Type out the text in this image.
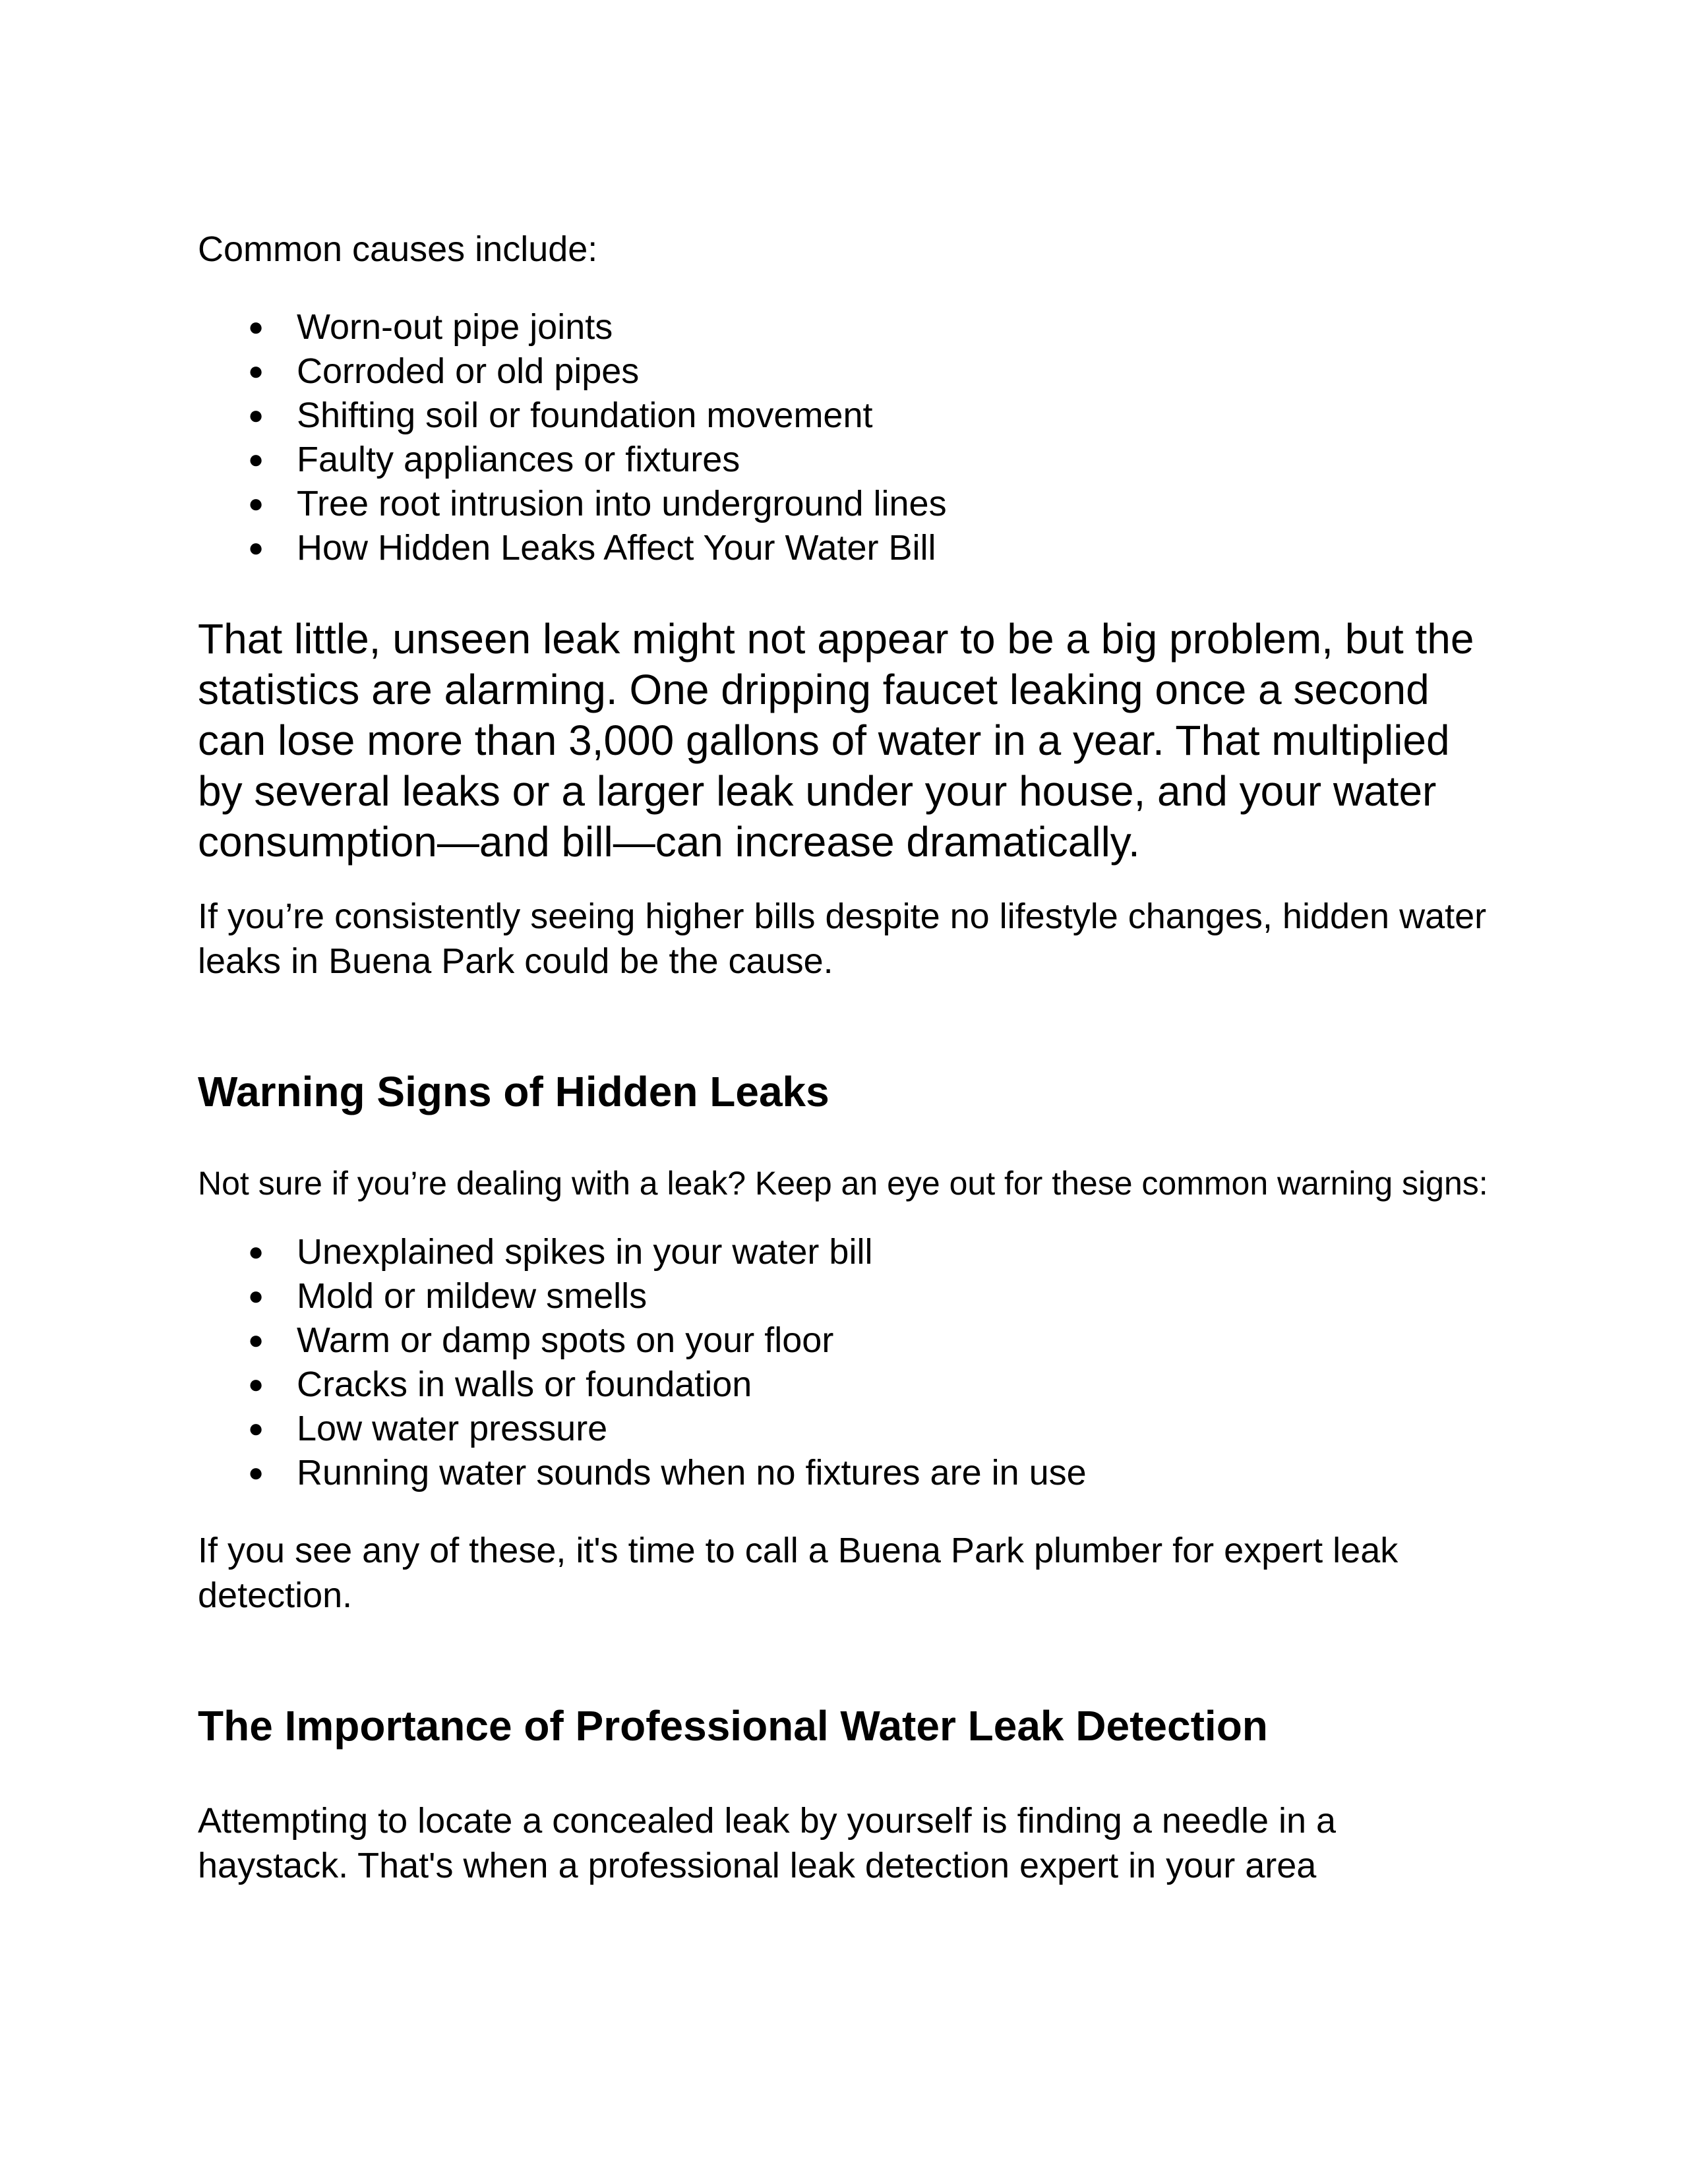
Common causes include:

● Worn-out pipe joints
● Corroded or old pipes
● Shifting soil or foundation movement
● Faulty appliances or fixtures
● Tree root intrusion into underground lines
● How Hidden Leaks Affect Your Water Bill

That little, unseen leak might not appear to be a big problem, but the statistics are alarming. One dripping faucet leaking once a second can lose more than 3,000 gallons of water in a year. That multiplied by several leaks or a larger leak under your house, and your water consumption—and bill—can increase dramatically.

If you’re consistently seeing higher bills despite no lifestyle changes, hidden water leaks in Buena Park could be the cause.

Warning Signs of Hidden Leaks

Not sure if you’re dealing with a leak? Keep an eye out for these common warning signs:

● Unexplained spikes in your water bill
● Mold or mildew smells
● Warm or damp spots on your floor
● Cracks in walls or foundation
● Low water pressure
● Running water sounds when no fixtures are in use

If you see any of these, it's time to call a Buena Park plumber for expert leak detection.

The Importance of Professional Water Leak Detection

Attempting to locate a concealed leak by yourself is finding a needle in a haystack. That's when a professional leak detection expert in your area
